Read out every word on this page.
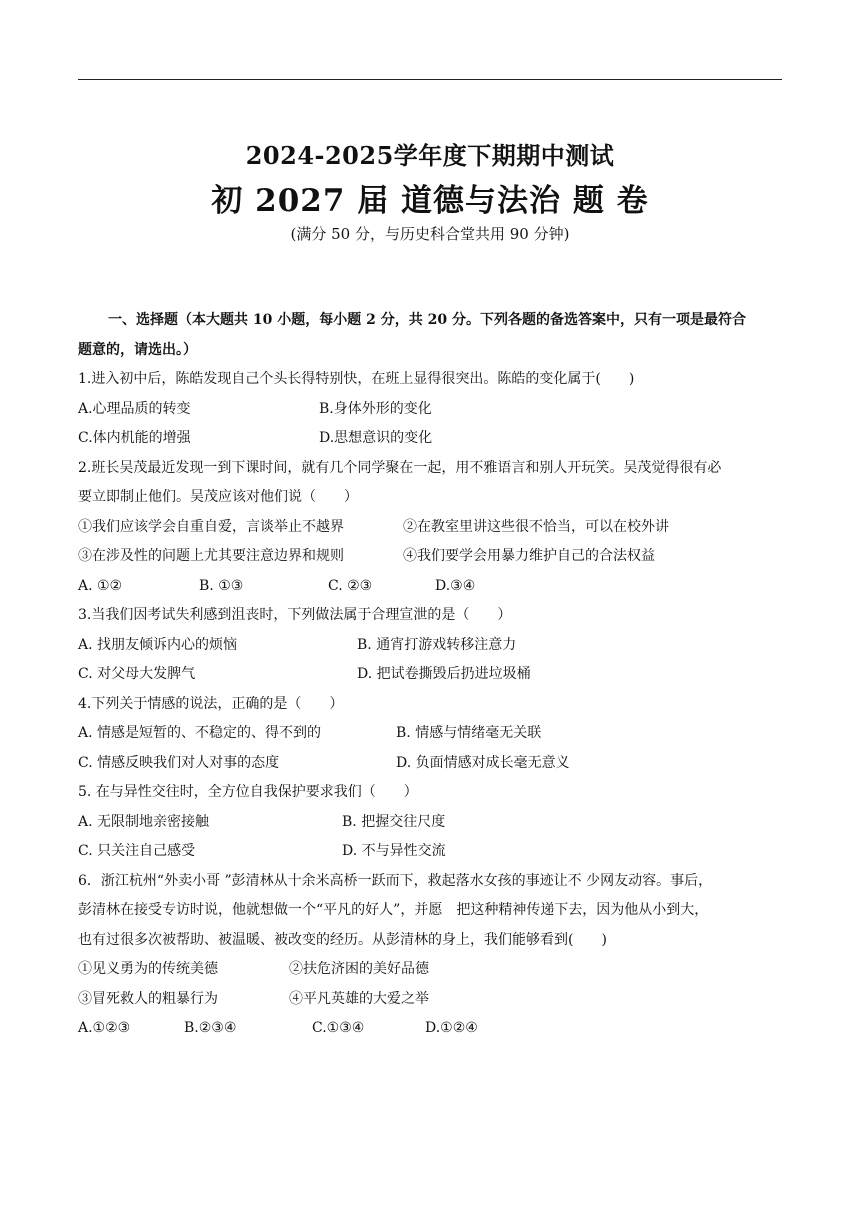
2024-2025学年度下期期中测试
初 2027 届 道德与法治 题 卷
(满分 50 分，与历史科合堂共用 90 分钟)
一、选择题（本大题共 10 小题，每小题 2 分，共 20 分。下列各题的备选答案中，只有一项是最符合
题意的，请选出。）
1.进入初中后，陈皓发现自己个头长得特别快，在班上显得很突出。陈皓的变化属于(　　)
A.心理品质的转变	B.身体外形的变化
C.体内机能的增强	D.思想意识的变化
2.班长吴茂最近发现一到下课时间，就有几个同学聚在一起，用不雅语言和别人开玩笑。吴茂觉得很有必
要立即制止他们。吴茂应该对他们说（　　）
①我们应该学会自重自爱，言谈举止不越界	②在教室里讲这些很不恰当，可以在校外讲
③在涉及性的问题上尤其要注意边界和规则	④我们要学会用暴力维护自己的合法权益
A. ①②	B. ①③	C. ②③	D.③④
3.当我们因考试失利感到沮丧时，下列做法属于合理宣泄的是（　　）
A. 找朋友倾诉内心的烦恼	B. 通宵打游戏转移注意力
C. 对父母大发脾气	D. 把试卷撕毁后扔进垃圾桶
4.下列关于情感的说法，正确的是（　　）
A. 情感是短暂的、不稳定的、得不到的	B. 情感与情绪毫无关联
C. 情感反映我们对人对事的态度	D. 负面情感对成长毫无意义
5. 在与异性交往时，全方位自我保护要求我们（　　）
A. 无限制地亲密接触	B. 把握交往尺度
C. 只关注自己感受	D. 不与异性交流
6．浙江杭州“外卖小哥 ”彭清林从十余米高桥一跃而下，救起落水女孩的事迹让不 少网友动容。事后，
彭清林在接受专访时说，他就想做一个“平凡的好人”，并愿　把这种精神传递下去，因为他从小到大，
也有过很多次被帮助、被温暖、被改变的经历。从彭清林的身上，我们能够看到(　　)
①见义勇为的传统美德	②扶危济困的美好品德
③冒死救人的粗暴行为	④平凡英雄的大爱之举
A.①②③	B.②③④	C.①③④	D.①②④
